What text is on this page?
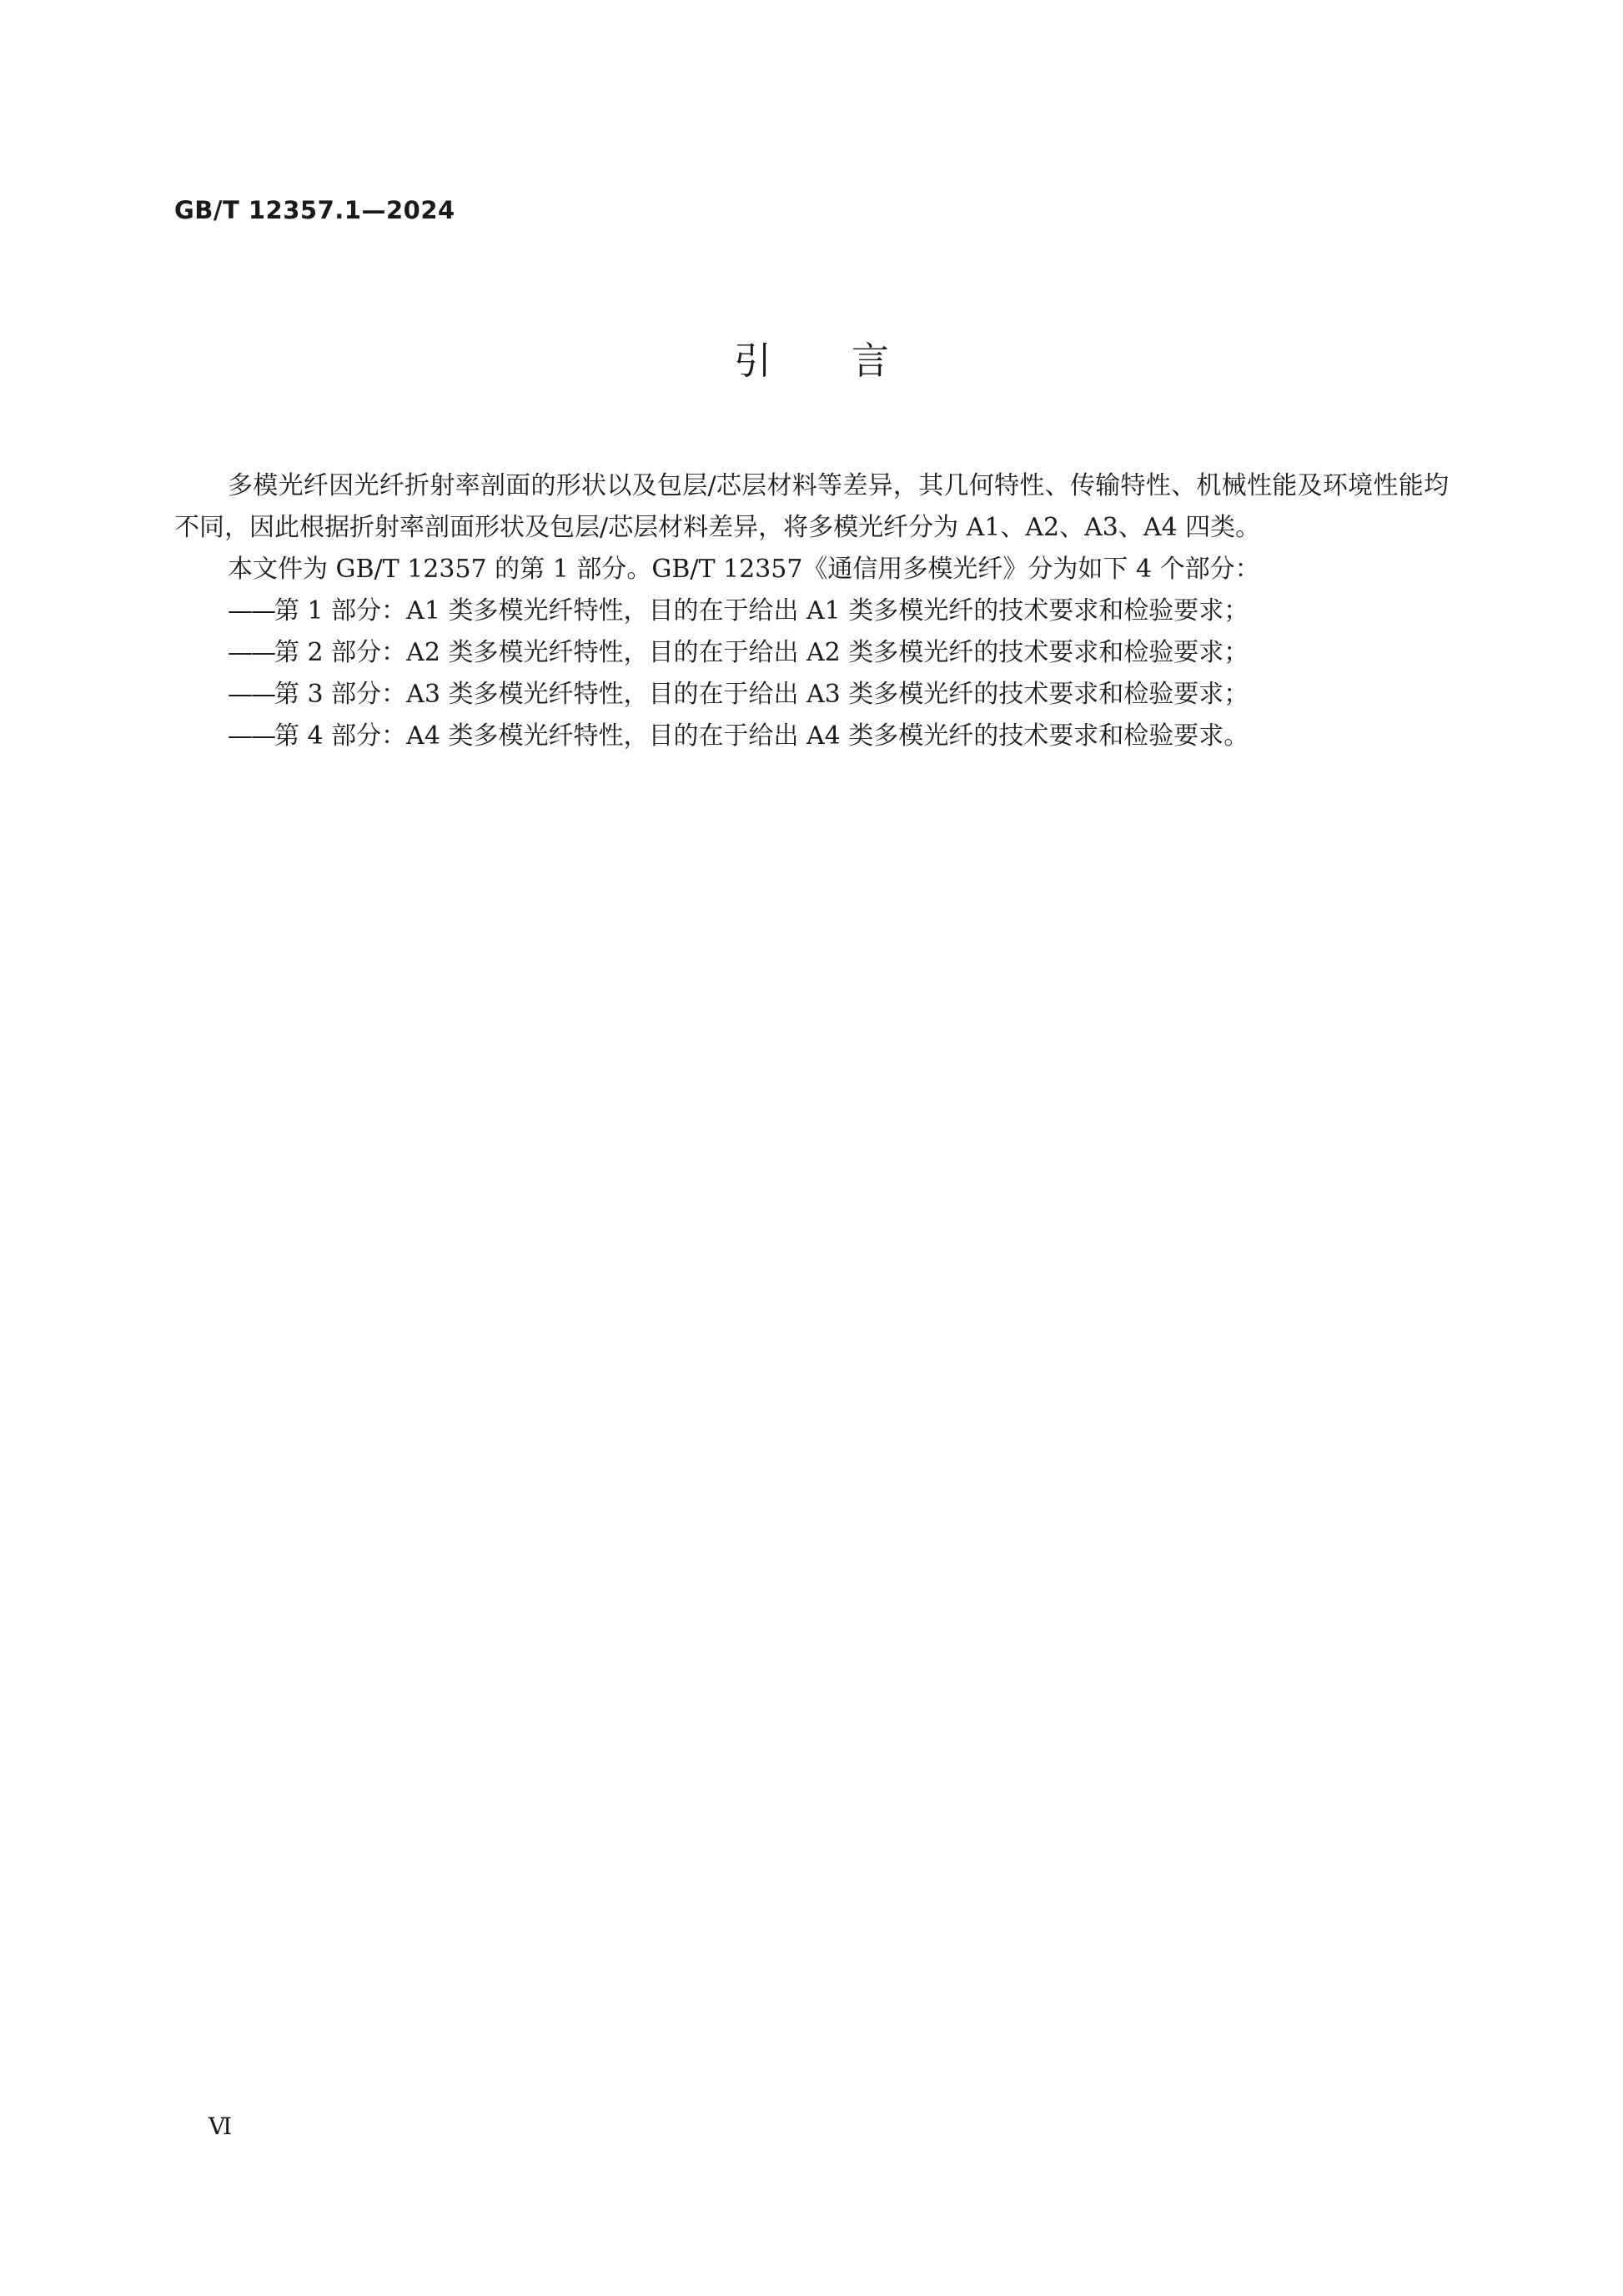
GB/T 12357.1—2024
引言

多模光纤因光纤折射率剖面的形状以及包层/芯层材料等差异，其几何特性、传输特性、机械性能及环境性能均不同，因此根据折射率剖面形状及包层/芯层材料差异，将多模光纤分为 A1、A2、A3、A4 四类。

本文件为 GB/T 12357 的第 1 部分。GB/T 12357《通信用多模光纤》分为如下 4 个部分：

——第 1 部分：A1 类多模光纤特性，目的在于给出 A1 类多模光纤的技术要求和检验要求；

——第 2 部分：A2 类多模光纤特性，目的在于给出 A2 类多模光纤的技术要求和检验要求；

——第 3 部分：A3 类多模光纤特性，目的在于给出 A3 类多模光纤的技术要求和检验要求；

——第 4 部分：A4 类多模光纤特性，目的在于给出 A4 类多模光纤的技术要求和检验要求。

Ⅵ
